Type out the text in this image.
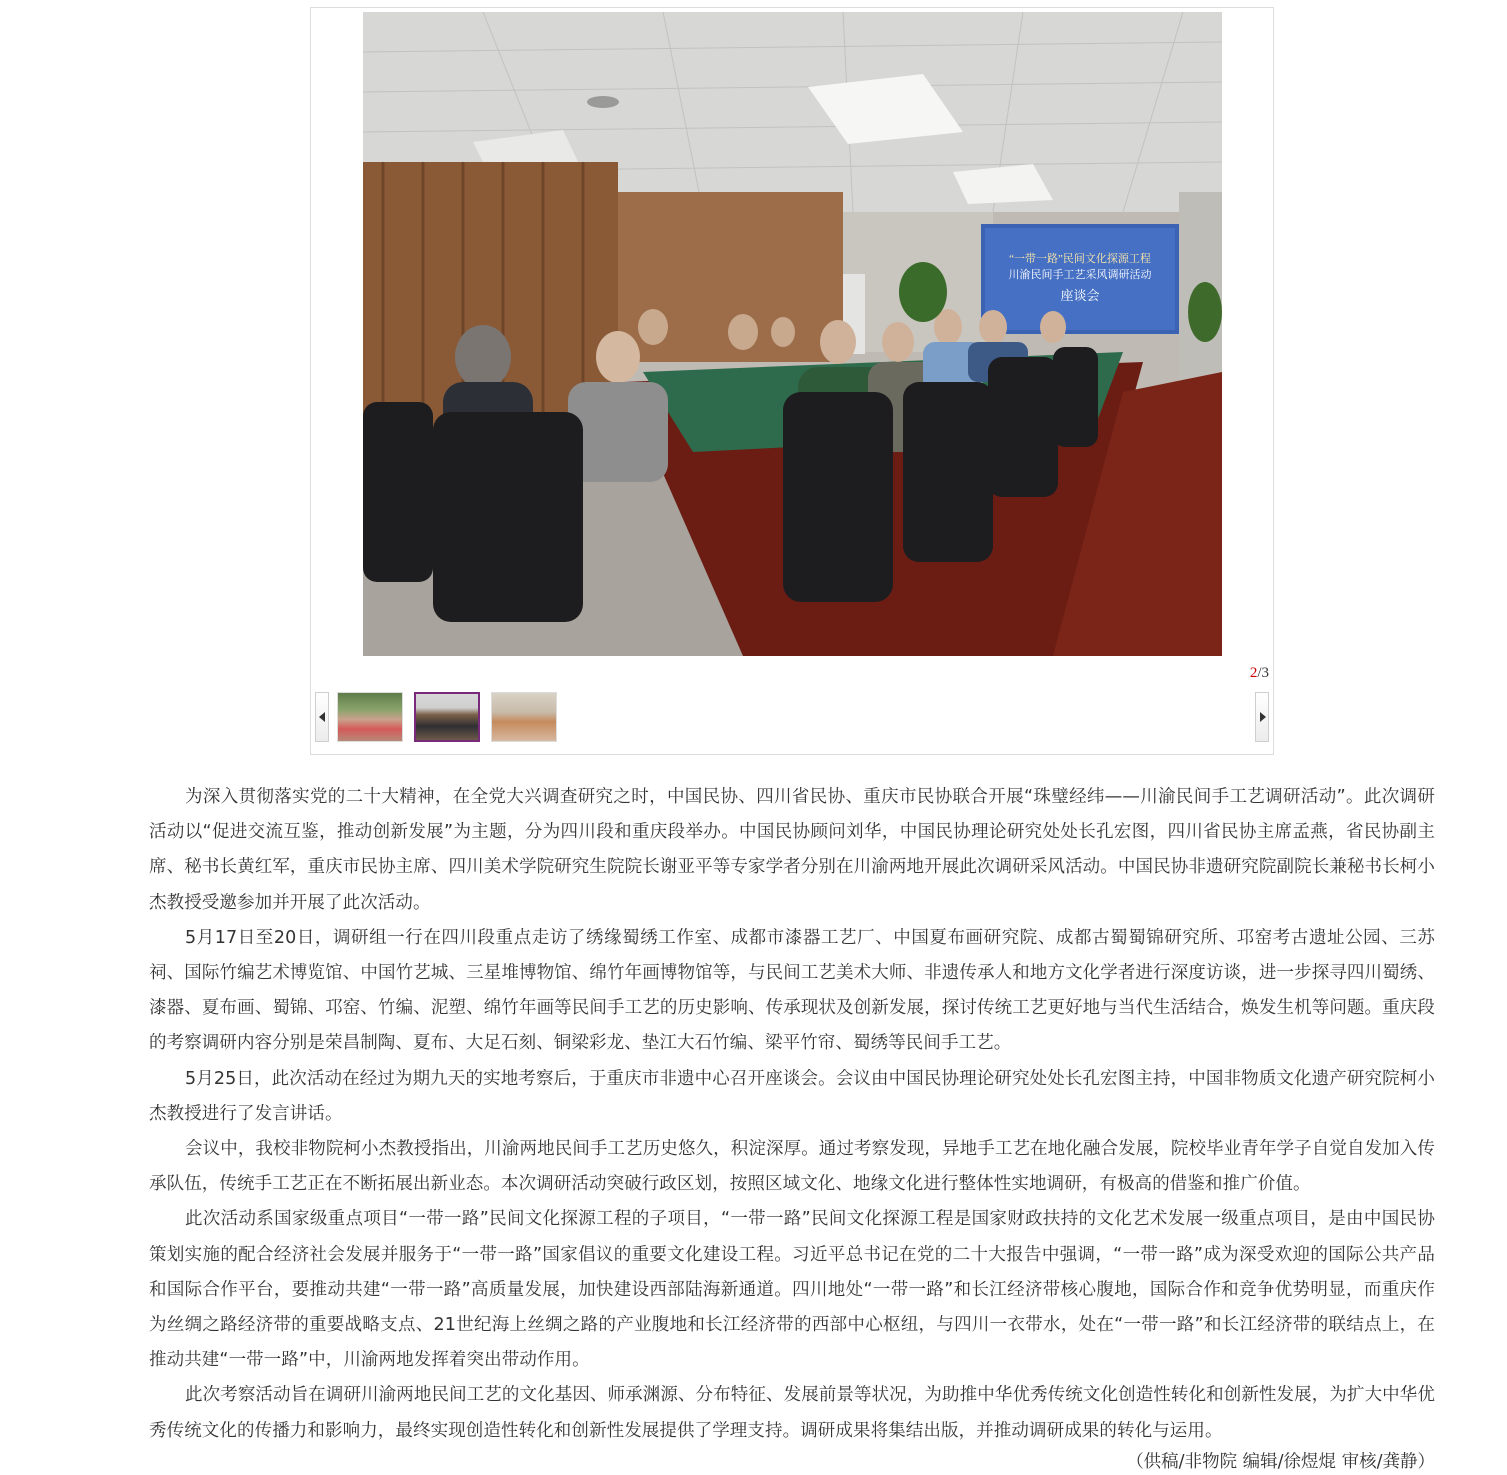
“一带一路”民间文化探源工程
川渝民间手工艺采风调研活动
座谈会
2/3

为深入贯彻落实党的二十大精神，在全党大兴调查研究之时，中国民协、四川省民协、重庆市民协联合开展“珠璧经纬——川渝民间手工艺调研活动”。此次调研活动以“促进交流互鉴，推动创新发展”为主题，分为四川段和重庆段举办。中国民协顾问刘华，中国民协理论研究处处长孔宏图，四川省民协主席孟燕，省民协副主席、秘书长黄红军，重庆市民协主席、四川美术学院研究生院院长谢亚平等专家学者分别在川渝两地开展此次调研采风活动。中国民协非遗研究院副院长兼秘书长柯小杰教授受邀参加并开展了此次活动。

5月17日至20日，调研组一行在四川段重点走访了绣缘蜀绣工作室、成都市漆器工艺厂、中国夏布画研究院、成都古蜀蜀锦研究所、邛窑考古遗址公园、三苏祠、国际竹编艺术博览馆、中国竹艺城、三星堆博物馆、绵竹年画博物馆等，与民间工艺美术大师、非遗传承人和地方文化学者进行深度访谈，进一步探寻四川蜀绣、漆器、夏布画、蜀锦、邛窑、竹编、泥塑、绵竹年画等民间手工艺的历史影响、传承现状及创新发展，探讨传统工艺更好地与当代生活结合，焕发生机等问题。重庆段的考察调研内容分别是荣昌制陶、夏布、大足石刻、铜梁彩龙、垫江大石竹编、梁平竹帘、蜀绣等民间手工艺。

5月25日，此次活动在经过为期九天的实地考察后，于重庆市非遗中心召开座谈会。会议由中国民协理论研究处处长孔宏图主持，中国非物质文化遗产研究院柯小杰教授进行了发言讲话。

会议中，我校非物院柯小杰教授指出，川渝两地民间手工艺历史悠久，积淀深厚。通过考察发现，异地手工艺在地化融合发展，院校毕业青年学子自觉自发加入传承队伍，传统手工艺正在不断拓展出新业态。本次调研活动突破行政区划，按照区域文化、地缘文化进行整体性实地调研，有极高的借鉴和推广价值。

此次活动系国家级重点项目“一带一路”民间文化探源工程的子项目，“一带一路”民间文化探源工程是国家财政扶持的文化艺术发展一级重点项目，是由中国民协策划实施的配合经济社会发展并服务于“一带一路”国家倡议的重要文化建设工程。习近平总书记在党的二十大报告中强调，“一带一路”成为深受欢迎的国际公共产品和国际合作平台，要推动共建“一带一路”高质量发展，加快建设西部陆海新通道。四川地处“一带一路”和长江经济带核心腹地，国际合作和竞争优势明显，而重庆作为丝绸之路经济带的重要战略支点、21世纪海上丝绸之路的产业腹地和长江经济带的西部中心枢纽，与四川一衣带水，处在“一带一路”和长江经济带的联结点上，在推动共建“一带一路”中，川渝两地发挥着突出带动作用。

此次考察活动旨在调研川渝两地民间工艺的文化基因、师承渊源、分布特征、发展前景等状况，为助推中华优秀传统文化创造性转化和创新性发展，为扩大中华优秀传统文化的传播力和影响力，最终实现创造性转化和创新性发展提供了学理支持。调研成果将集结出版，并推动调研成果的转化与运用。

（供稿/非物院 编辑/徐煜焜 审核/龚静）
